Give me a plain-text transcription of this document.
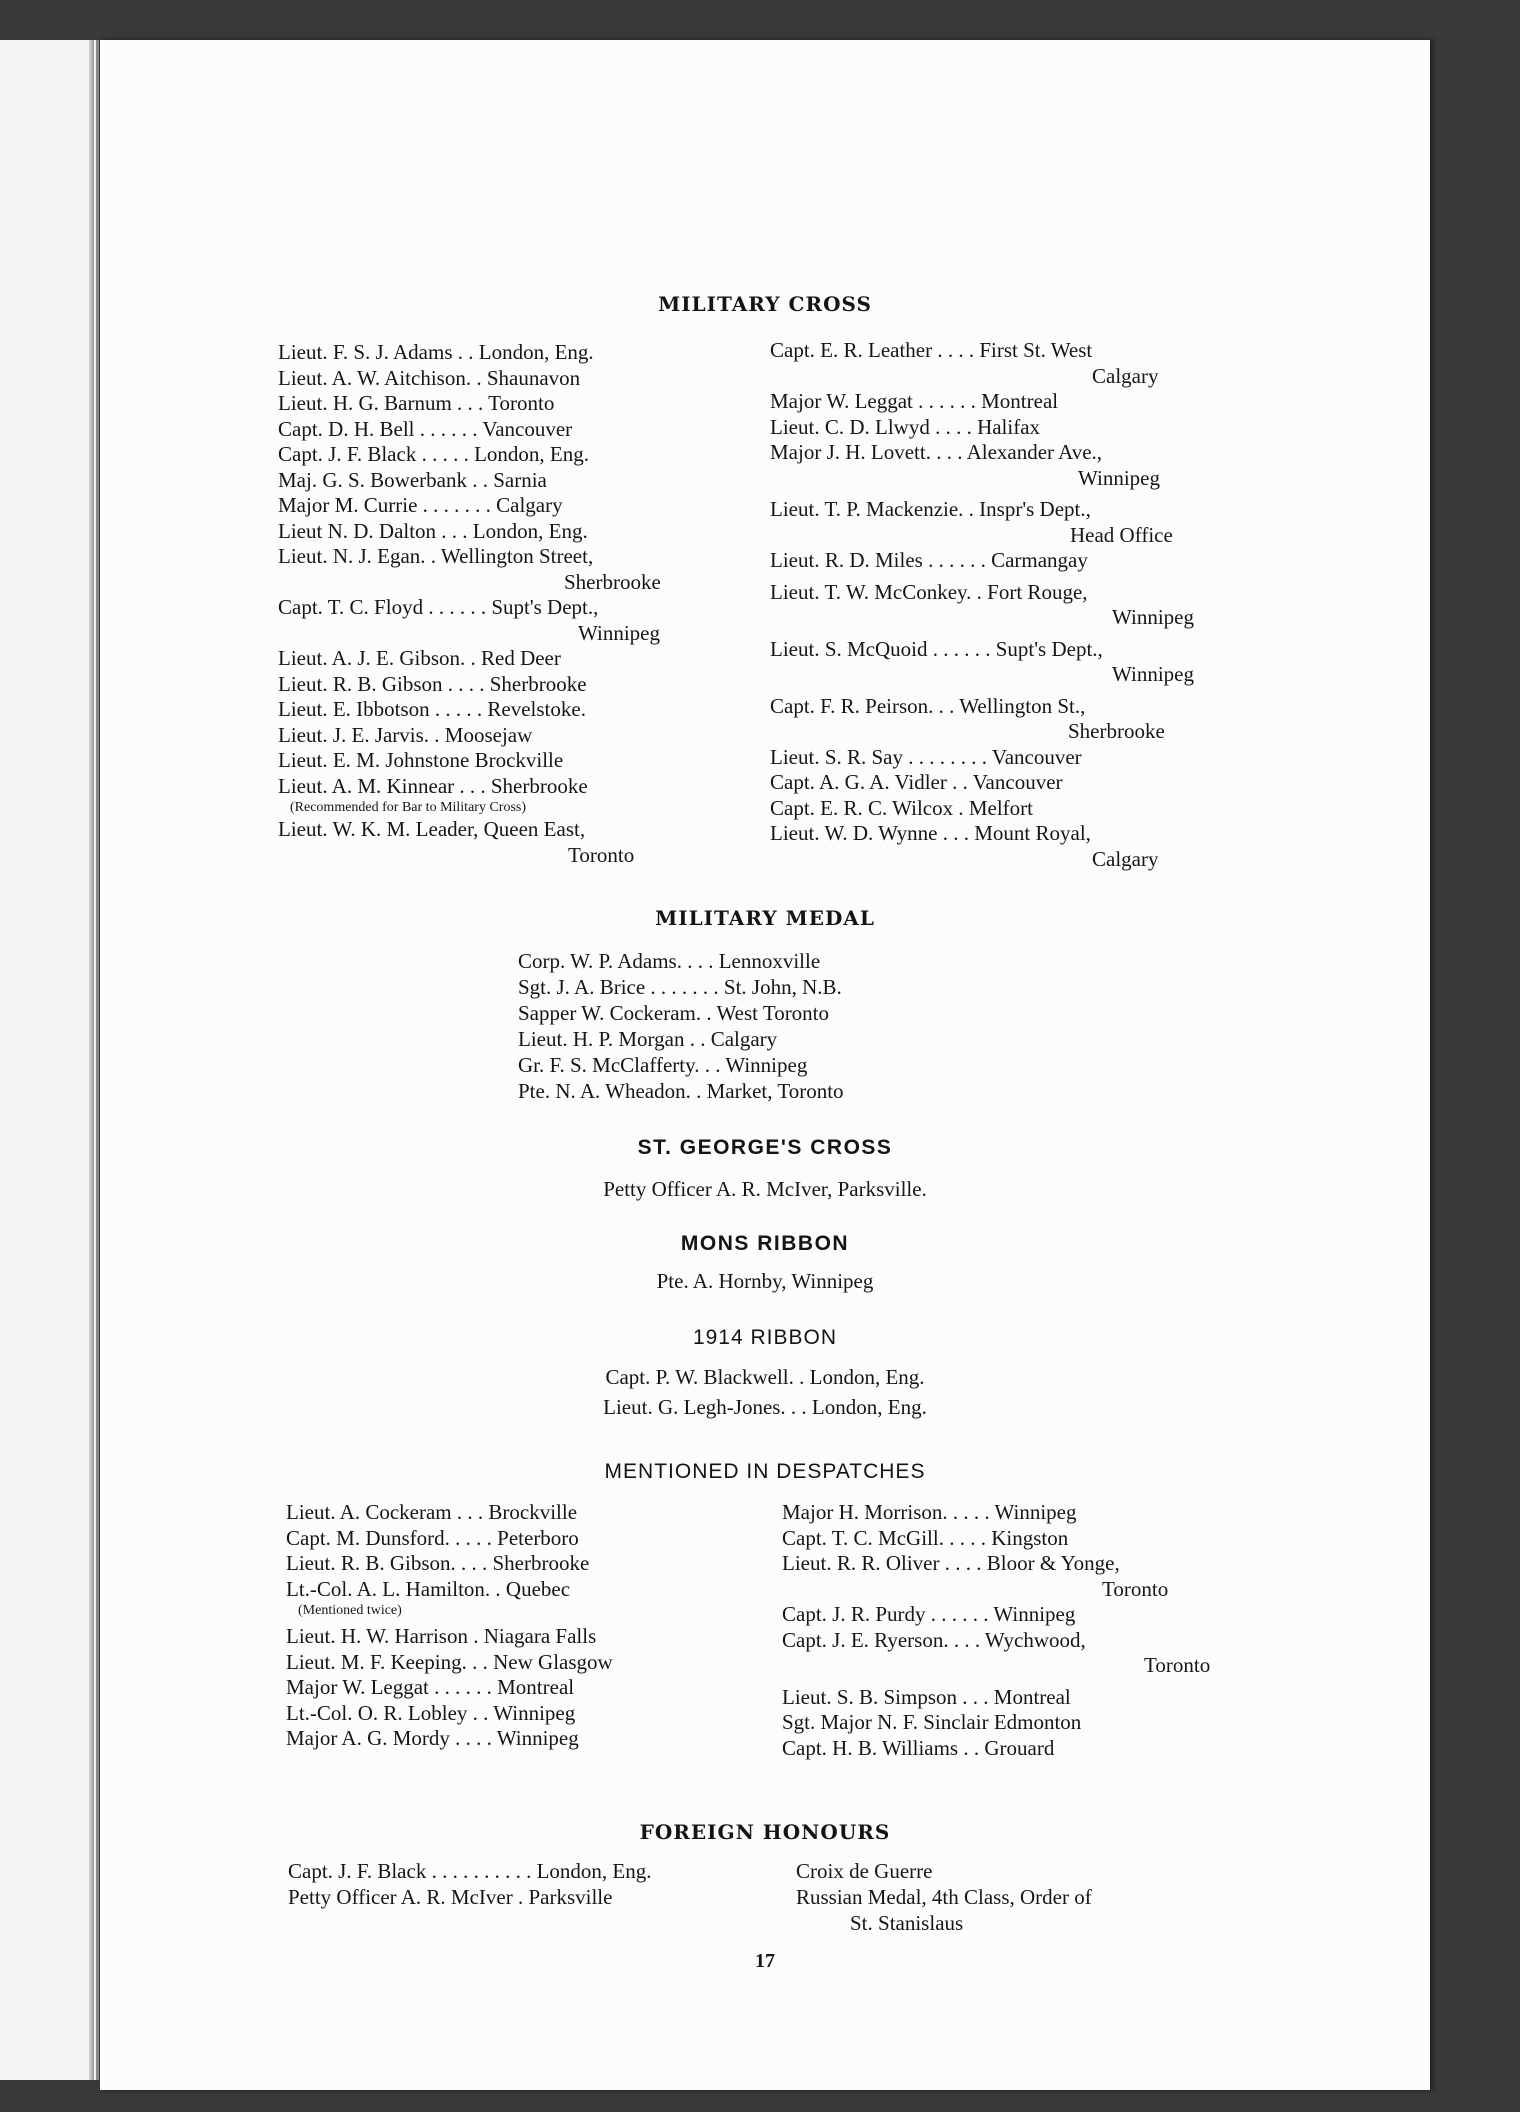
MILITARY CROSS
Lieut. F. S. J. Adams . . London, Eng.
Lieut. A. W. Aitchison. . Shaunavon
Lieut. H. G. Barnum . . . Toronto
Capt. D. H. Bell . . . . . . Vancouver
Capt. J. F. Black . . . . . London, Eng.
Maj. G. S. Bowerbank . . Sarnia
Major M. Currie . . . . . . . Calgary
Lieut N. D. Dalton . . . London, Eng.
Lieut. N. J. Egan. . Wellington Street,
Sherbrooke
Capt. T. C. Floyd . . . . . . Supt's Dept.,
Winnipeg
Lieut. A. J. E. Gibson. . Red Deer
Lieut. R. B. Gibson . . . . Sherbrooke
Lieut. E. Ibbotson . . . . . Revelstoke.
Lieut. J. E. Jarvis. . Moosejaw
Lieut. E. M. Johnstone Brockville
Lieut. A. M. Kinnear . . . Sherbrooke
(Recommended for Bar to Military Cross)
Lieut. W. K. M. Leader, Queen East,
Toronto
Capt. E. R. Leather . . . . First St. West
Calgary
Major W. Leggat . . . . . . Montreal
Lieut. C. D. Llwyd . . . . Halifax
Major J. H. Lovett. . . . Alexander Ave.,
Winnipeg
Lieut. T. P. Mackenzie. . Inspr's Dept.,
Head Office
Lieut. R. D. Miles . . . . . . Carmangay
Lieut. T. W. McConkey. . Fort Rouge,
Winnipeg
Lieut. S. McQuoid . . . . . . Supt's Dept.,
Winnipeg
Capt. F. R. Peirson. . . Wellington St.,
Sherbrooke
Lieut. S. R. Say . . . . . . . . Vancouver
Capt. A. G. A. Vidler . . Vancouver
Capt. E. R. C. Wilcox . Melfort
Lieut. W. D. Wynne . . . Mount Royal,
Calgary
MILITARY MEDAL
Corp. W. P. Adams. . . . Lennoxville
Sgt. J. A. Brice . . . . . . . St. John, N.B.
Sapper W. Cockeram. . West Toronto
Lieut. H. P. Morgan . . Calgary
Gr. F. S. McClafferty. . . Winnipeg
Pte. N. A. Wheadon. . Market, Toronto
ST. GEORGE'S CROSS
Petty Officer A. R. McIver, Parksville.
MONS RIBBON
Pte. A. Hornby, Winnipeg
1914 RIBBON
Capt. P. W. Blackwell. . London, Eng.
Lieut. G. Legh-Jones. . . London, Eng.
MENTIONED IN DESPATCHES
Lieut. A. Cockeram . . . Brockville
Capt. M. Dunsford. . . . . Peterboro
Lieut. R. B. Gibson. . . . Sherbrooke
Lt.-Col. A. L. Hamilton. . Quebec
(Mentioned twice)
Lieut. H. W. Harrison . Niagara Falls
Lieut. M. F. Keeping. . . New Glasgow
Major W. Leggat . . . . . . Montreal
Lt.-Col. O. R. Lobley . . Winnipeg
Major A. G. Mordy . . . . Winnipeg
Major H. Morrison. . . . . Winnipeg
Capt. T. C. McGill. . . . . Kingston
Lieut. R. R. Oliver . . . . Bloor & Yonge,
Toronto
Capt. J. R. Purdy . . . . . . Winnipeg
Capt. J. E. Ryerson. . . . Wychwood,
Toronto
Lieut. S. B. Simpson . . . Montreal
Sgt. Major N. F. Sinclair Edmonton
Capt. H. B. Williams . . Grouard
FOREIGN HONOURS
Capt. J. F. Black . . . . . . . . . . London, Eng.
Petty Officer A. R. McIver . Parksville
Croix de Guerre
Russian Medal, 4th Class, Order of
St. Stanislaus
17
